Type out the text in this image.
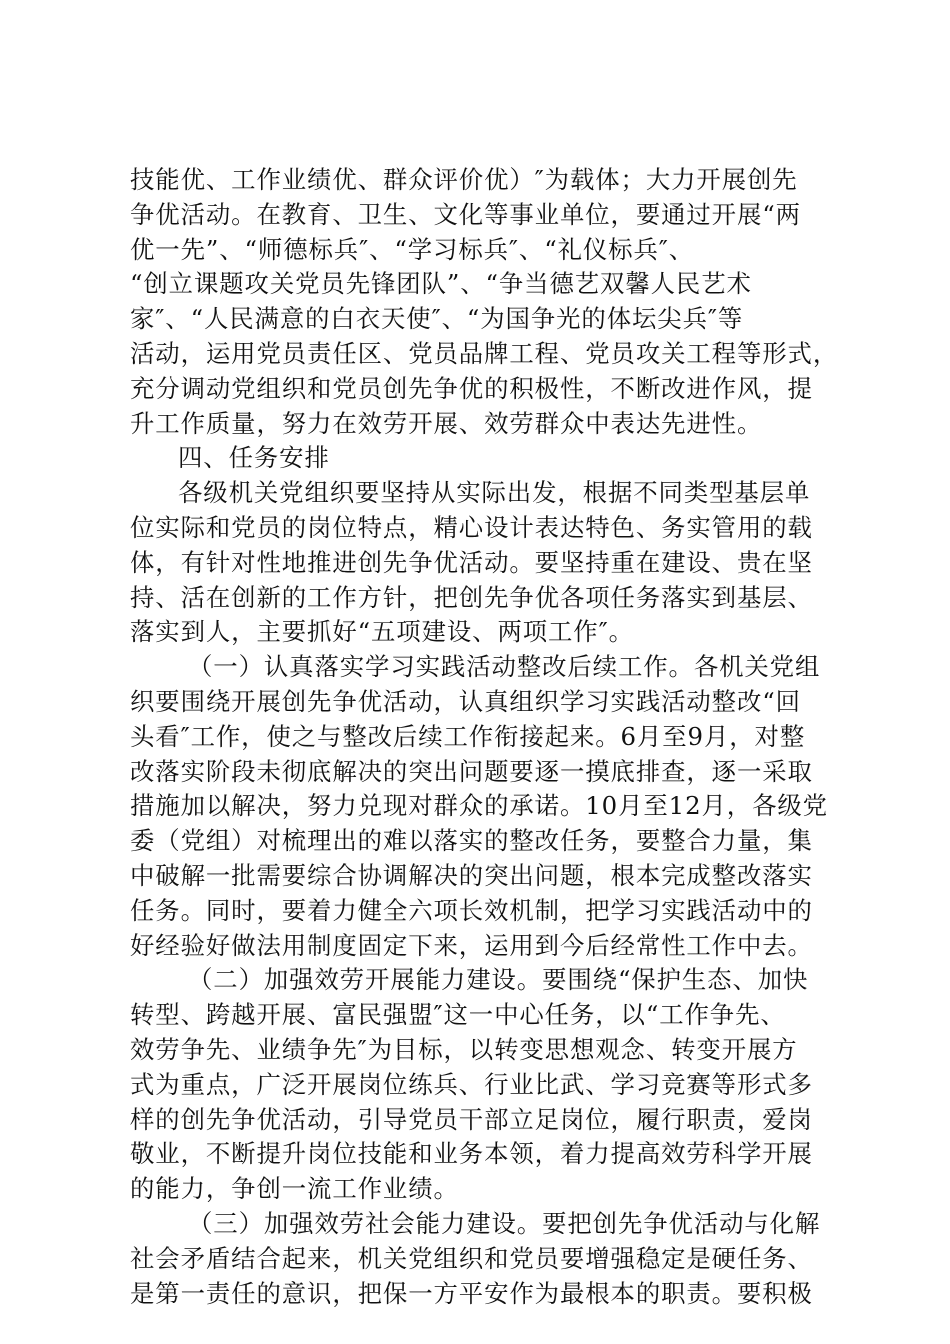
技能优、工作业绩优、群众评价优）″为载体；大力开展创先
争优活动。在教育、卫生、文化等事业单位，要通过开展“两
优一先”、“师德标兵″、“学习标兵″、“礼仪标兵″、
“创立课题攻关党员先锋团队”、“争当德艺双馨人民艺术
家″、“人民满意的白衣天使″、“为国争光的体坛尖兵″等
活动，运用党员责任区、党员品牌工程、党员攻关工程等形式，
充分调动党组织和党员创先争优的积极性，不断改进作风，提
升工作质量，努力在效劳开展、效劳群众中表达先进性。
四、任务安排
各级机关党组织要坚持从实际出发，根据不同类型基层单
位实际和党员的岗位特点，精心设计表达特色、务实管用的载
体，有针对性地推进创先争优活动。要坚持重在建设、贵在坚
持、活在创新的工作方针，把创先争优各项任务落实到基层、
落实到人，主要抓好“五项建设、两项工作″。
（一）认真落实学习实践活动整改后续工作。各机关党组
织要围绕开展创先争优活动，认真组织学习实践活动整改“回
头看″工作，使之与整改后续工作衔接起来。6月至9月，对整
改落实阶段未彻底解决的突出问题要逐一摸底排查，逐一采取
措施加以解决，努力兑现对群众的承诺。10月至12月，各级党
委（党组）对梳理出的难以落实的整改任务，要整合力量，集
中破解一批需要综合协调解决的突出问题，根本完成整改落实
任务。同时，要着力健全六项长效机制，把学习实践活动中的
好经验好做法用制度固定下来，运用到今后经常性工作中去。
（二）加强效劳开展能力建设。要围绕“保护生态、加快
转型、跨越开展、富民强盟″这一中心任务，以“工作争先、
效劳争先、业绩争先″为目标，以转变思想观念、转变开展方
式为重点，广泛开展岗位练兵、行业比武、学习竞赛等形式多
样的创先争优活动，引导党员干部立足岗位，履行职责，爱岗
敬业，不断提升岗位技能和业务本领，着力提高效劳科学开展
的能力，争创一流工作业绩。
（三）加强效劳社会能力建设。要把创先争优活动与化解
社会矛盾结合起来，机关党组织和党员要增强稳定是硬任务、
是第一责任的意识，把保一方平安作为最根本的职责。要积极
